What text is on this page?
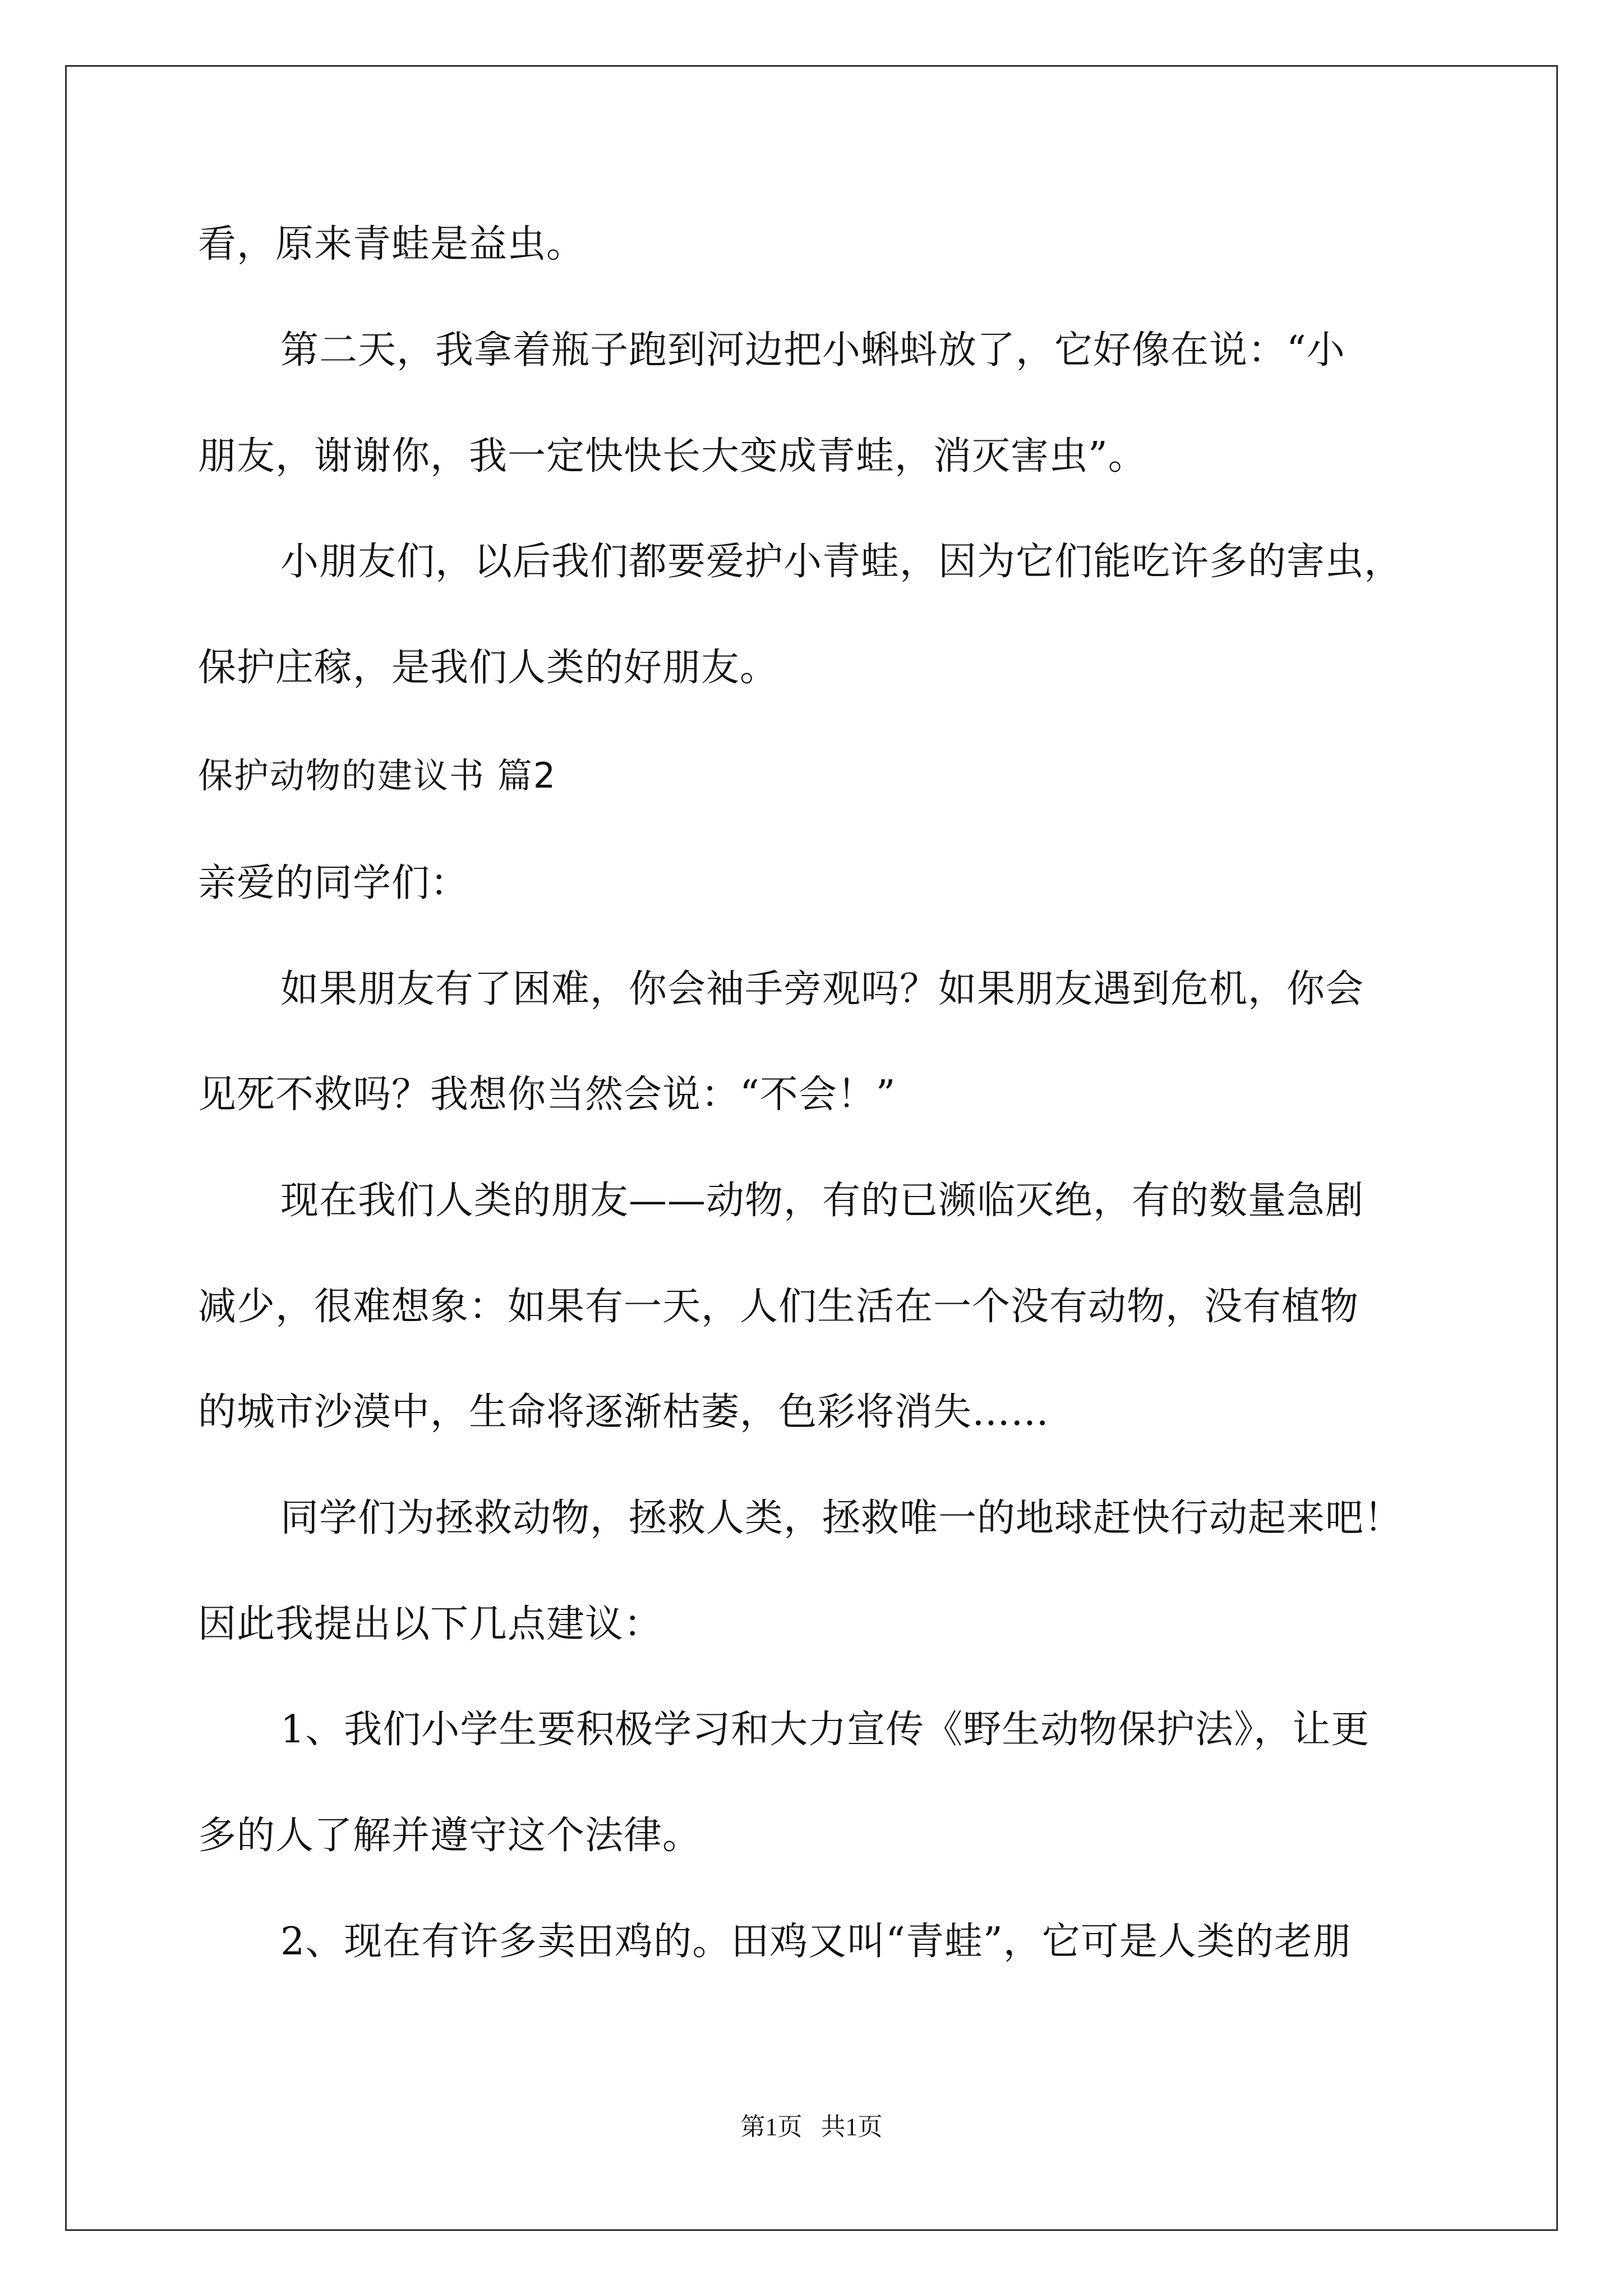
看，原来青蛙是益虫。

第二天，我拿着瓶子跑到河边把小蝌蚪放了，它好像在说：“小

朋友，谢谢你，我一定快快长大变成青蛙，消灭害虫”。

小朋友们，以后我们都要爱护小青蛙，因为它们能吃许多的害虫，

保护庄稼，是我们人类的好朋友。

保护动物的建议书 篇2

亲爱的同学们：

如果朋友有了困难，你会袖手旁观吗？如果朋友遇到危机，你会

见死不救吗？我想你当然会说：“不会！”

现在我们人类的朋友——动物，有的已濒临灭绝，有的数量急剧

减少，很难想象：如果有一天，人们生活在一个没有动物，没有植物

的城市沙漠中，生命将逐渐枯萎，色彩将消失……

同学们为拯救动物，拯救人类，拯救唯一的地球赶快行动起来吧！

因此我提出以下几点建议：

1、我们小学生要积极学习和大力宣传《野生动物保护法》，让更

多的人了解并遵守这个法律。

2、现在有许多卖田鸡的。田鸡又叫“青蛙”，它可是人类的老朋

第1页   共1页
